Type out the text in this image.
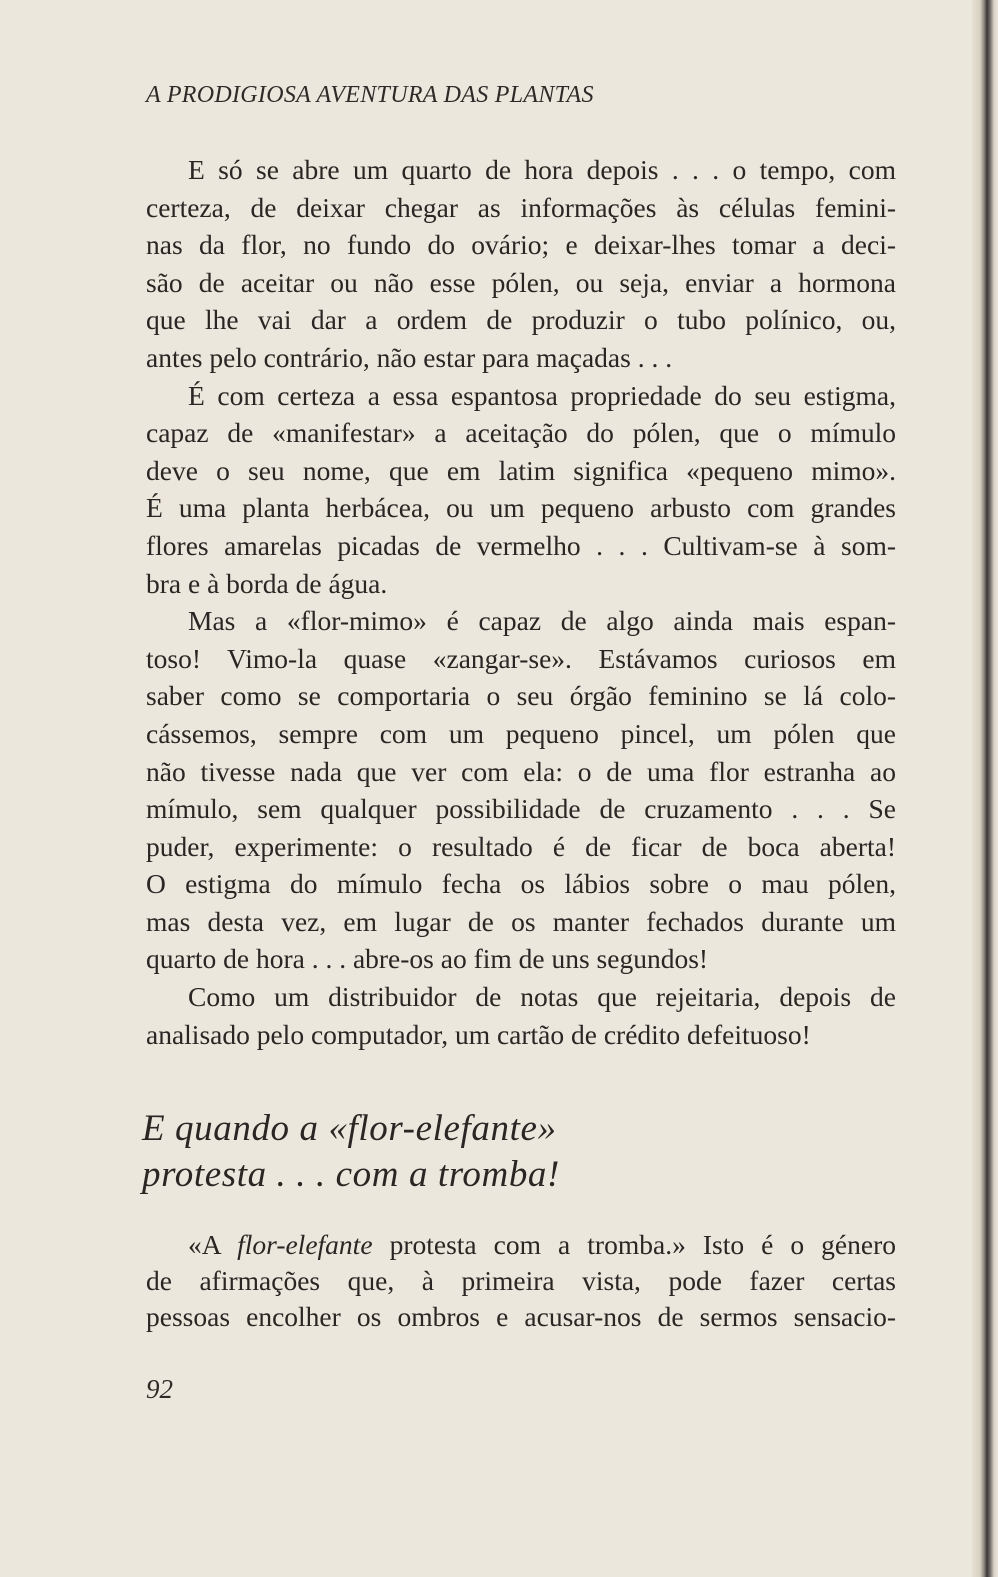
A PRODIGIOSA AVENTURA DAS PLANTAS
E só se abre um quarto de hora depois . . . o tempo, com
certeza, de deixar chegar as informações às células femini-
nas da flor, no fundo do ovário; e deixar-lhes tomar a deci-
são de aceitar ou não esse pólen, ou seja, enviar a hormona
que lhe vai dar a ordem de produzir o tubo polínico, ou,
antes pelo contrário, não estar para maçadas . . .
É com certeza a essa espantosa propriedade do seu estigma,
capaz de «manifestar» a aceitação do pólen, que o mímulo
deve o seu nome, que em latim significa «pequeno mimo».
É uma planta herbácea, ou um pequeno arbusto com grandes
flores amarelas picadas de vermelho . . . Cultivam-se à som-
bra e à borda de água.
Mas a «flor-mimo» é capaz de algo ainda mais espan-
toso! Vimo-la quase «zangar-se». Estávamos curiosos em
saber como se comportaria o seu órgão feminino se lá colo-
cássemos, sempre com um pequeno pincel, um pólen que
não tivesse nada que ver com ela: o de uma flor estranha ao
mímulo, sem qualquer possibilidade de cruzamento . . . Se
puder, experimente: o resultado é de ficar de boca aberta!
O estigma do mímulo fecha os lábios sobre o mau pólen,
mas desta vez, em lugar de os manter fechados durante um
quarto de hora . . . abre-os ao fim de uns segundos!
Como um distribuidor de notas que rejeitaria, depois de
analisado pelo computador, um cartão de crédito defeituoso!
E quando a «flor-elefante»
protesta . . . com a tromba!
«A flor-elefante protesta com a tromba.» Isto é o género
de afirmações que, à primeira vista, pode fazer certas
pessoas encolher os ombros e acusar-nos de sermos sensacio-
92
